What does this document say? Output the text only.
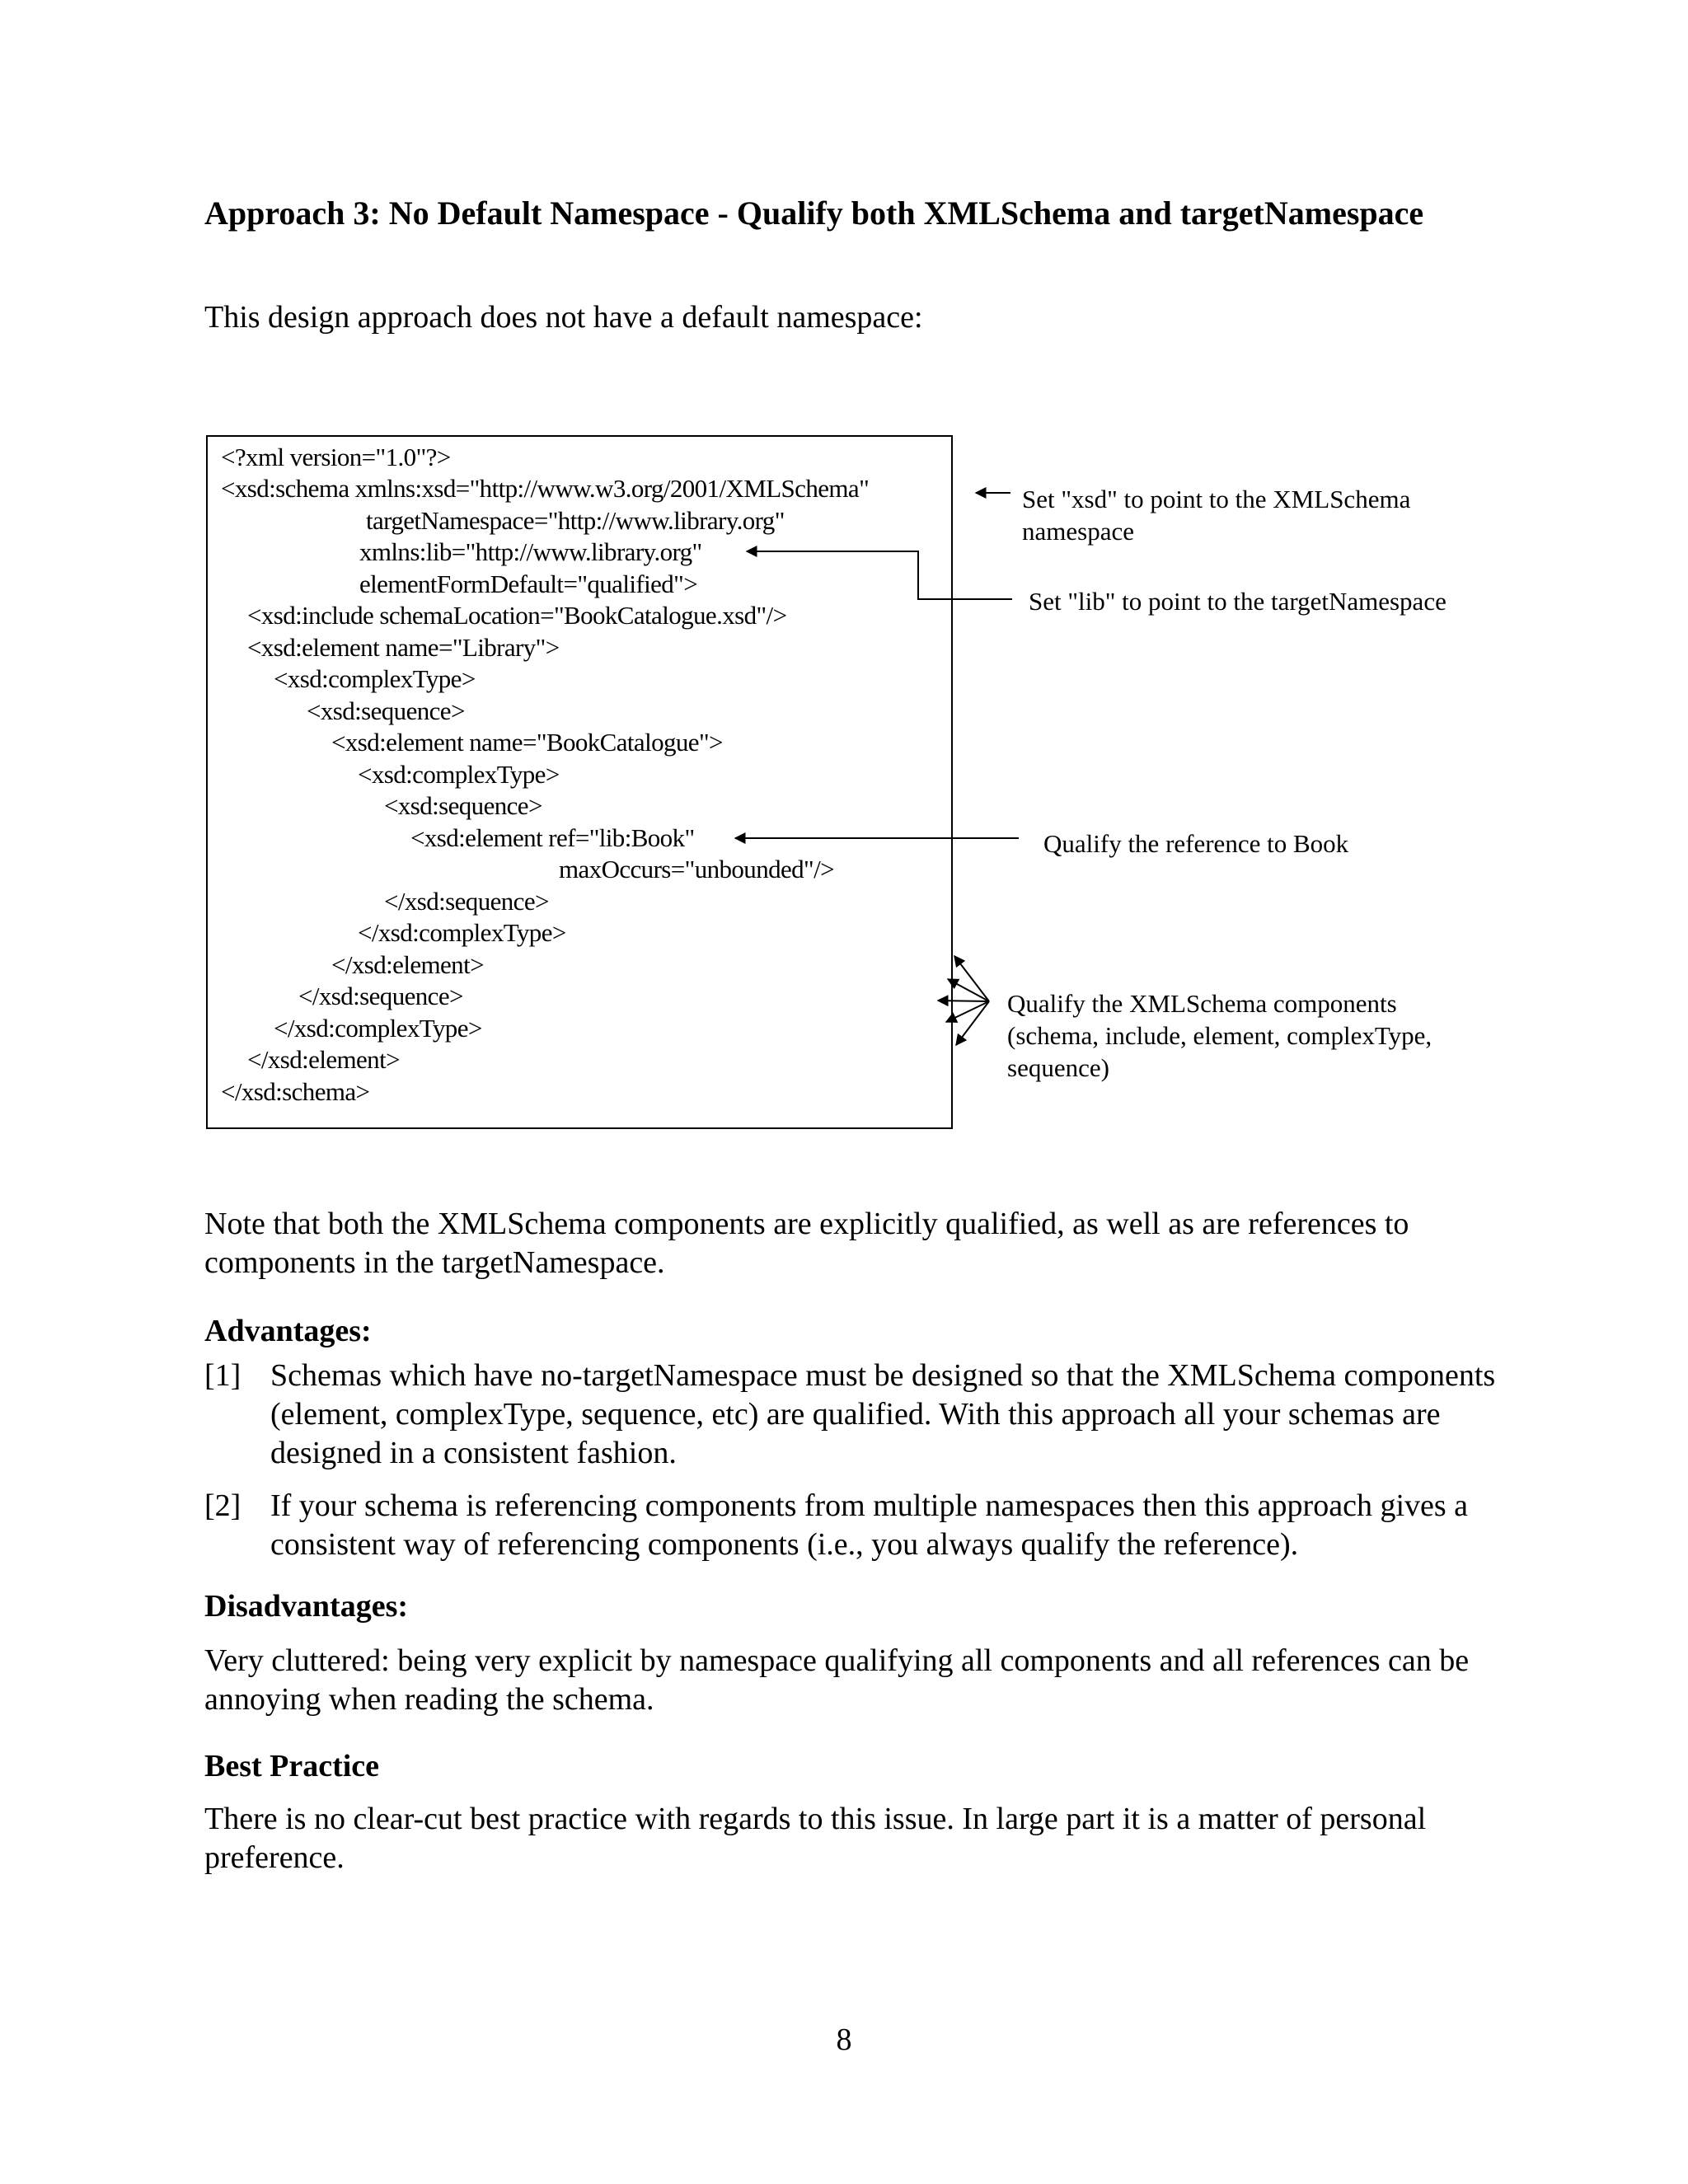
Approach 3: No Default Namespace - Qualify both XMLSchema and targetNamespace

This design approach does not have a default namespace:

<?xml version="1.0"?>
<xsd:schema xmlns:xsd="http://www.w3.org/2001/XMLSchema"
targetNamespace="http://www.library.org"
xmlns:lib="http://www.library.org"
elementFormDefault="qualified">
<xsd:include schemaLocation="BookCatalogue.xsd"/>
<xsd:element name="Library">
<xsd:complexType>
<xsd:sequence>
<xsd:element name="BookCatalogue">
<xsd:complexType>
<xsd:sequence>
<xsd:element ref="lib:Book"
maxOccurs="unbounded"/>
</xsd:sequence>
</xsd:complexType>
</xsd:element>
</xsd:sequence>
</xsd:complexType>
</xsd:element>
</xsd:schema>

Set "xsd" to point to the XMLSchema namespace

Set "lib" to point to the targetNamespace

Qualify the reference to Book

Qualify the XMLSchema components (schema, include, element, complexType, sequence)

Note that both the XMLSchema components are explicitly qualified, as well as are references to components in the targetNamespace.

Advantages:
[1] Schemas which have no-targetNamespace must be designed so that the XMLSchema components (element, complexType, sequence, etc) are qualified. With this approach all your schemas are designed in a consistent fashion.

[2] If your schema is referencing components from multiple namespaces then this approach gives a consistent way of referencing components (i.e., you always qualify the reference).

Disadvantages:

Very cluttered: being very explicit by namespace qualifying all components and all references can be annoying when reading the schema.

Best Practice

There is no clear-cut best practice with regards to this issue. In large part it is a matter of personal preference.

8
